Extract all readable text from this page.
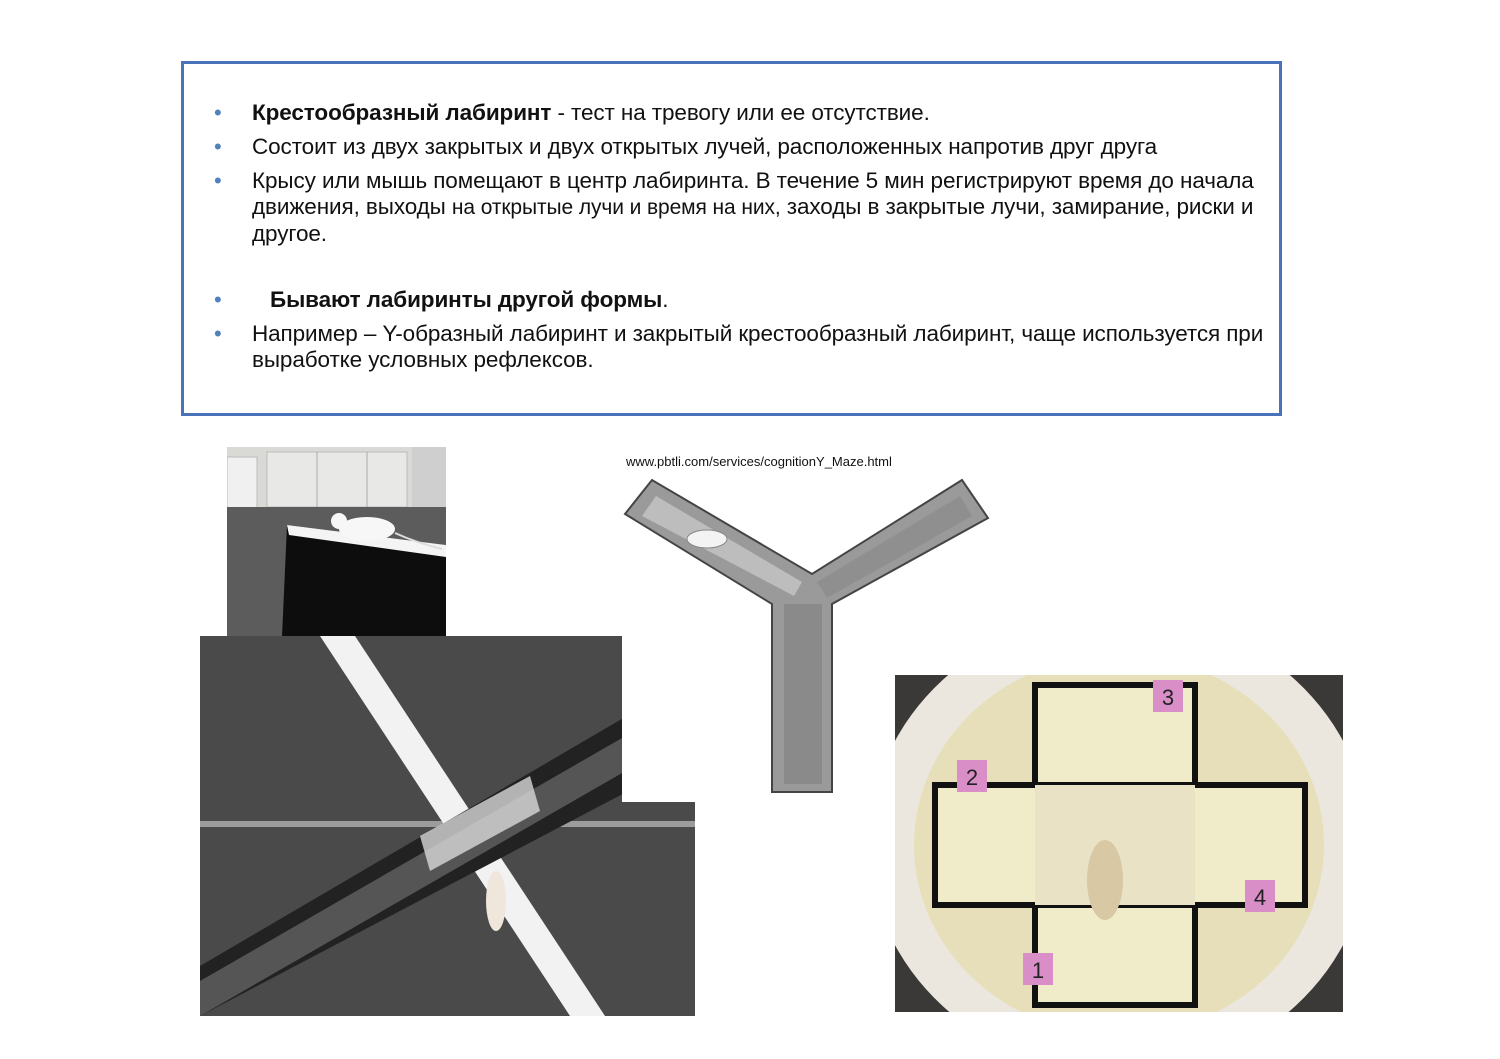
• Крестообразный лабиринт - тест на тревогу или ее отсутствие.
• Состоит из двух закрытых и двух открытых лучей, расположенных напротив друг друга
• Крысу или мышь помещают в центр лабиринта. В течение 5 мин регистрируют время до начала движения, выходы на открытые лучи и время на них, заходы в закрытые лучи, замирание, риски и другое.
• Бывают лабиринты другой формы.
• Например – Y-образный лабиринт и закрытый крестообразный лабиринт, чаще используется при выработке условных рефлексов.
www.pbtli.com/services/cognitionY_Maze.html
3
2
4
1
